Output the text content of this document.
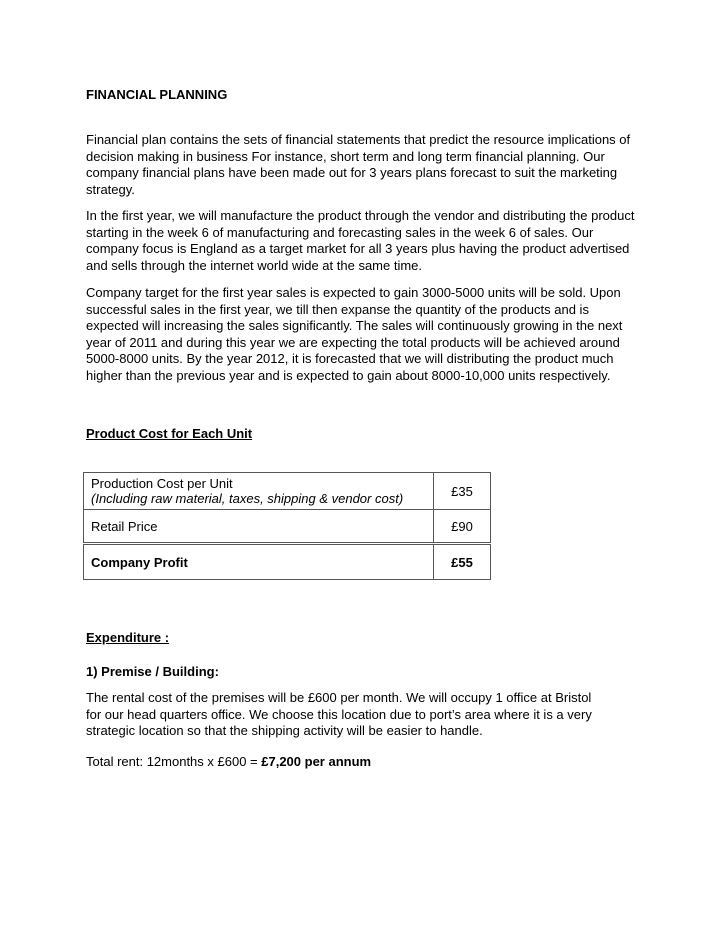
FINANCIAL PLANNING

Financial plan contains the sets of financial statements that predict the resource implications of
decision making in business For instance, short term and long term financial planning. Our
company financial plans have been made out for 3 years plans forecast to suit the marketing
strategy.

In the first year, we will manufacture the product through the vendor and distributing the product
starting in the week 6 of manufacturing and forecasting sales in the week 6 of sales. Our
company focus is England as a target market for all 3 years plus having the product advertised
and sells through the internet world wide at the same time.

Company target for the first year sales is expected to gain 3000-5000 units will be sold. Upon
successful sales in the first year, we till then expanse the quantity of the products and is
expected will increasing the sales significantly. The sales will continuously growing in the next
year of 2011 and during this year we are expecting the total products will be achieved around
5000-8000 units. By the year 2012, it is forecasted that we will distributing the product much
higher than the previous year and is expected to gain about 8000-10,000 units respectively.

Product Cost for Each Unit

Production Cost per Unit
(Including raw material, taxes, shipping & vendor cost)	£35
Retail Price	£90
Company Profit	£55

Expenditure :

1) Premise / Building:

The rental cost of the premises will be £600 per month. We will occupy 1 office at Bristol
for our head quarters office. We choose this location due to port’s area where it is a very
strategic location so that the shipping activity will be easier to handle.

Total rent: 12months x £600 = £7,200 per annum
